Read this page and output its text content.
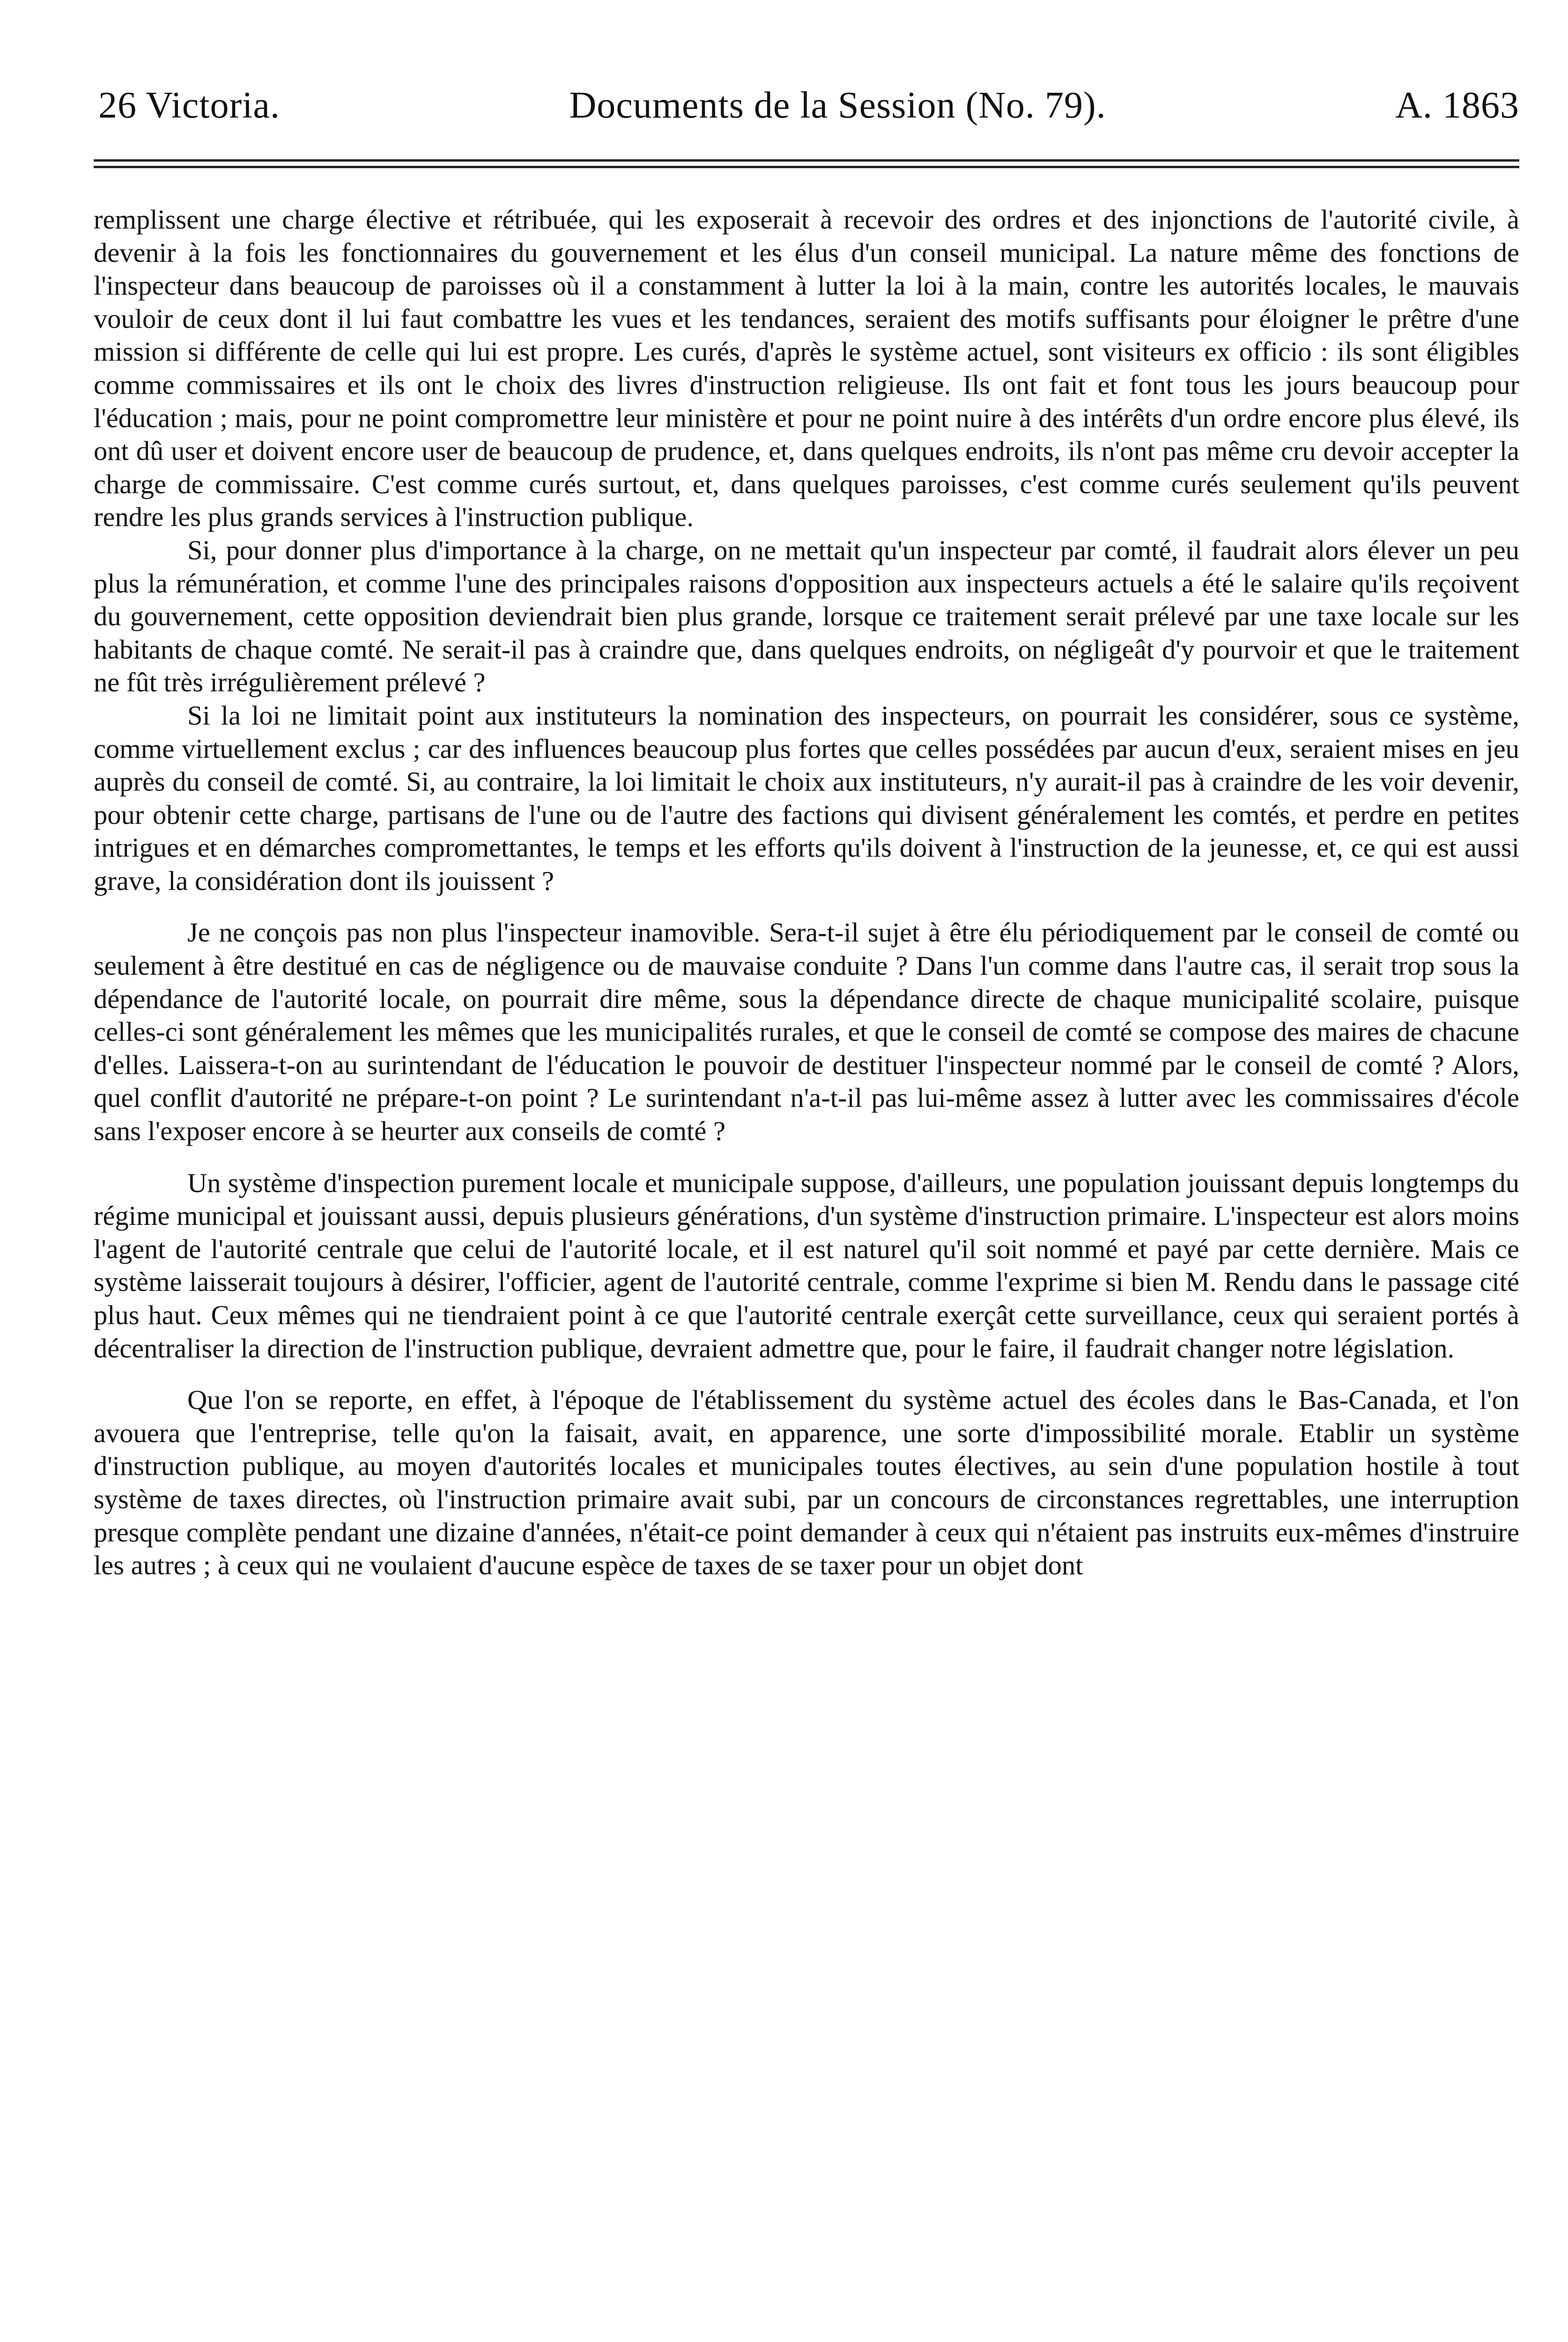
26 Victoria.	Documents de la Session (No. 79).	A. 1863

remplissent une charge élective et rétribuée, qui les exposerait à recevoir des ordres et des injonctions de l'autorité civile, à devenir à la fois les fonctionnaires du gouvernement et les élus d'un conseil municipal. La nature même des fonctions de l'inspecteur dans beaucoup de paroisses où il a constamment à lutter la loi à la main, contre les autorités locales, le mauvais vouloir de ceux dont il lui faut combattre les vues et les tendances, seraient des motifs suffisants pour éloigner le prêtre d'une mission si différente de celle qui lui est propre. Les curés, d'après le système actuel, sont visiteurs ex officio : ils sont éligibles comme commissaires et ils ont le choix des livres d'instruction religieuse. Ils ont fait et font tous les jours beaucoup pour l'éducation ; mais, pour ne point compromettre leur ministère et pour ne point nuire à des intérêts d'un ordre encore plus élevé, ils ont dû user et doivent encore user de beaucoup de prudence, et, dans quelques endroits, ils n'ont pas même cru devoir accepter la charge de commissaire. C'est comme curés surtout, et, dans quelques paroisses, c'est comme curés seulement qu'ils peuvent rendre les plus grands services à l'instruction publique.

Si, pour donner plus d'importance à la charge, on ne mettait qu'un inspecteur par comté, il faudrait alors élever un peu plus la rémunération, et comme l'une des principales raisons d'opposition aux inspecteurs actuels a été le salaire qu'ils reçoivent du gouvernement, cette opposition deviendrait bien plus grande, lorsque ce traitement serait prélevé par une taxe locale sur les habitants de chaque comté. Ne serait-il pas à craindre que, dans quelques endroits, on négligeât d'y pourvoir et que le traitement ne fût très irrégulièrement prélevé ?

Si la loi ne limitait point aux instituteurs la nomination des inspecteurs, on pourrait les considérer, sous ce système, comme virtuellement exclus ; car des influences beaucoup plus fortes que celles possédées par aucun d'eux, seraient mises en jeu auprès du conseil de comté. Si, au contraire, la loi limitait le choix aux instituteurs, n'y aurait-il pas à craindre de les voir devenir, pour obtenir cette charge, partisans de l'une ou de l'autre des factions qui divisent généralement les comtés, et perdre en petites intrigues et en démarches compromettantes, le temps et les efforts qu'ils doivent à l'instruction de la jeunesse, et, ce qui est aussi grave, la considération dont ils jouissent ?

Je ne conçois pas non plus l'inspecteur inamovible. Sera-t-il sujet à être élu périodiquement par le conseil de comté ou seulement à être destitué en cas de négligence ou de mauvaise conduite ? Dans l'un comme dans l'autre cas, il serait trop sous la dépendance de l'autorité locale, on pourrait dire même, sous la dépendance directe de chaque municipalité scolaire, puisque celles-ci sont généralement les mêmes que les municipalités rurales, et que le conseil de comté se compose des maires de chacune d'elles. Laissera-t-on au surintendant de l'éducation le pouvoir de destituer l'inspecteur nommé par le conseil de comté ? Alors, quel conflit d'autorité ne prépare-t-on point ? Le surintendant n'a-t-il pas lui-même assez à lutter avec les commissaires d'école sans l'exposer encore à se heurter aux conseils de comté ?

Un système d'inspection purement locale et municipale suppose, d'ailleurs, une population jouissant depuis longtemps du régime municipal et jouissant aussi, depuis plusieurs générations, d'un système d'instruction primaire. L'inspecteur est alors moins l'agent de l'autorité centrale que celui de l'autorité locale, et il est naturel qu'il soit nommé et payé par cette dernière. Mais ce système laisserait toujours à désirer, l'officier, agent de l'autorité centrale, comme l'exprime si bien M. Rendu dans le passage cité plus haut. Ceux mêmes qui ne tiendraient point à ce que l'autorité centrale exerçât cette surveillance, ceux qui seraient portés à décentraliser la direction de l'instruction publique, devraient admettre que, pour le faire, il faudrait changer notre législation.

Que l'on se reporte, en effet, à l'époque de l'établissement du système actuel des écoles dans le Bas-Canada, et l'on avouera que l'entreprise, telle qu'on la faisait, avait, en apparence, une sorte d'impossibilité morale. Etablir un système d'instruction publique, au moyen d'autorités locales et municipales toutes électives, au sein d'une population hostile à tout système de taxes directes, où l'instruction primaire avait subi, par un concours de circonstances regrettables, une interruption presque complète pendant une dizaine d'années, n'était-ce point demander à ceux qui n'étaient pas instruits eux-mêmes d'instruire les autres ; à ceux qui ne voulaient d'aucune espèce de taxes de se taxer pour un objet dont
